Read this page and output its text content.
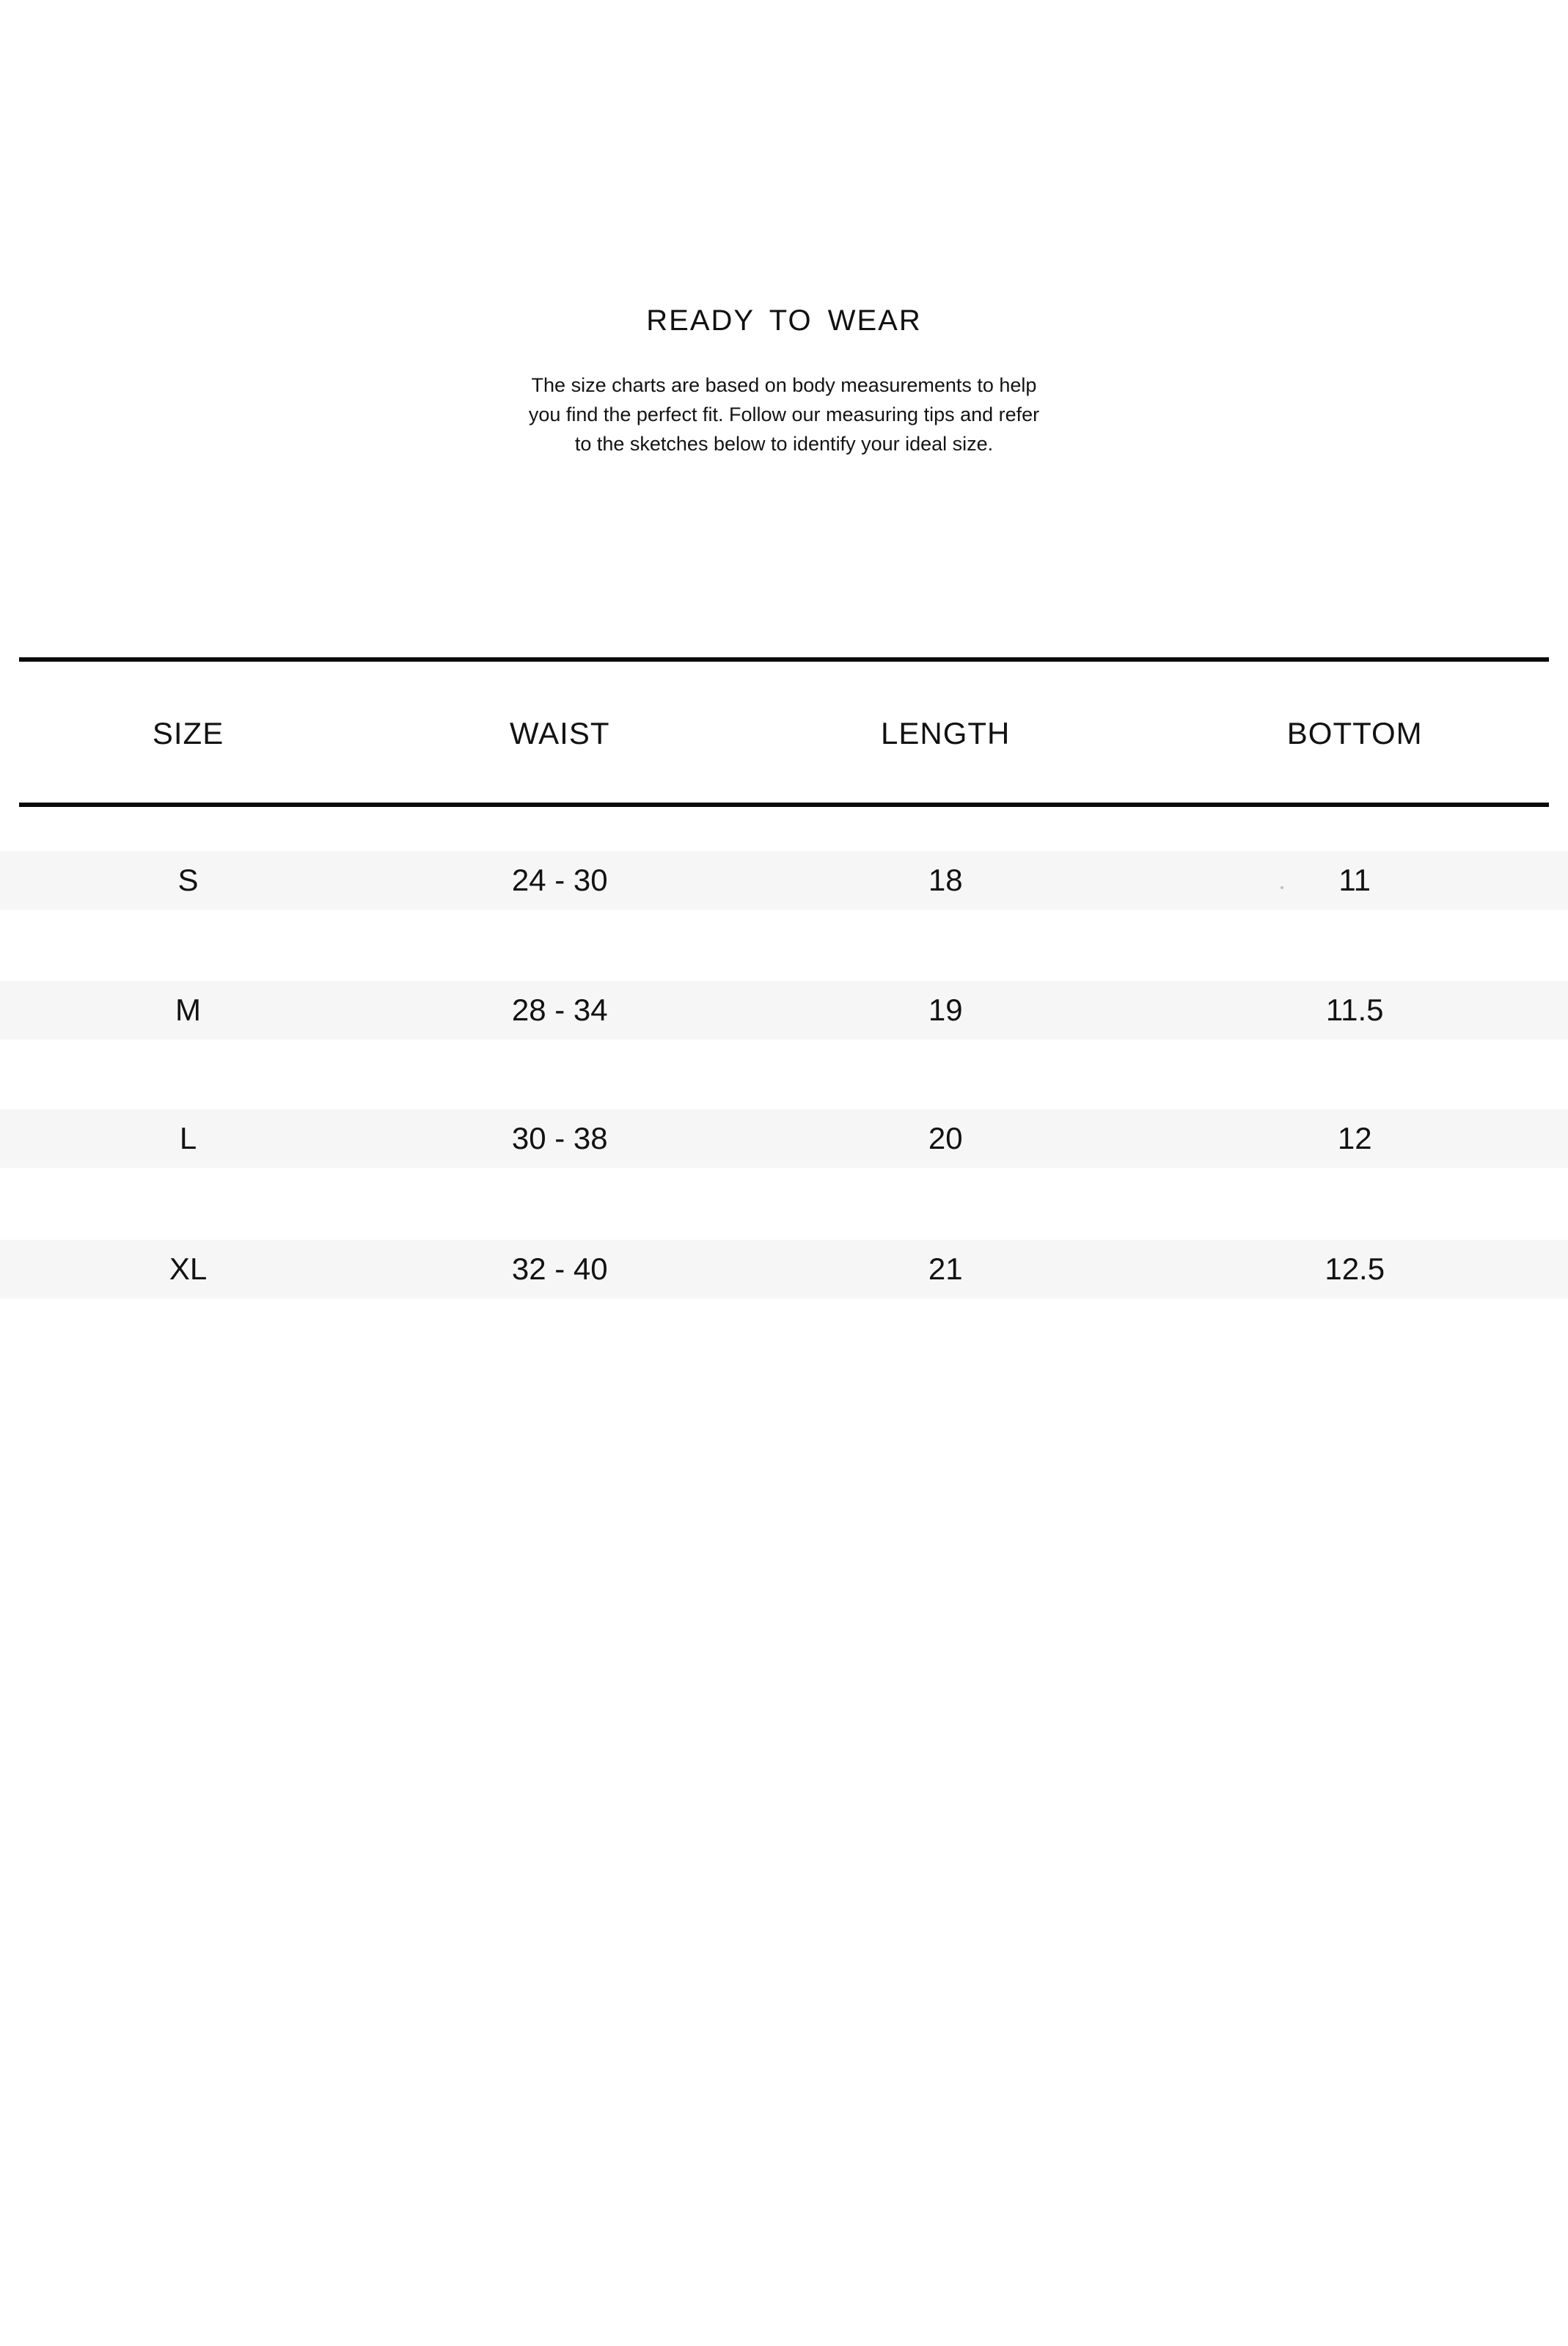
READY TO WEAR
The size charts are based on body measurements to help
you find the perfect fit. Follow our measuring tips and refer
to the sketches below to identify your ideal size.
SIZE	WAIST	LENGTH	BOTTOM
S	24 - 30	18	11
M	28 - 34	19	11.5
L	30 - 38	20	12
XL	32 - 40	21	12.5
